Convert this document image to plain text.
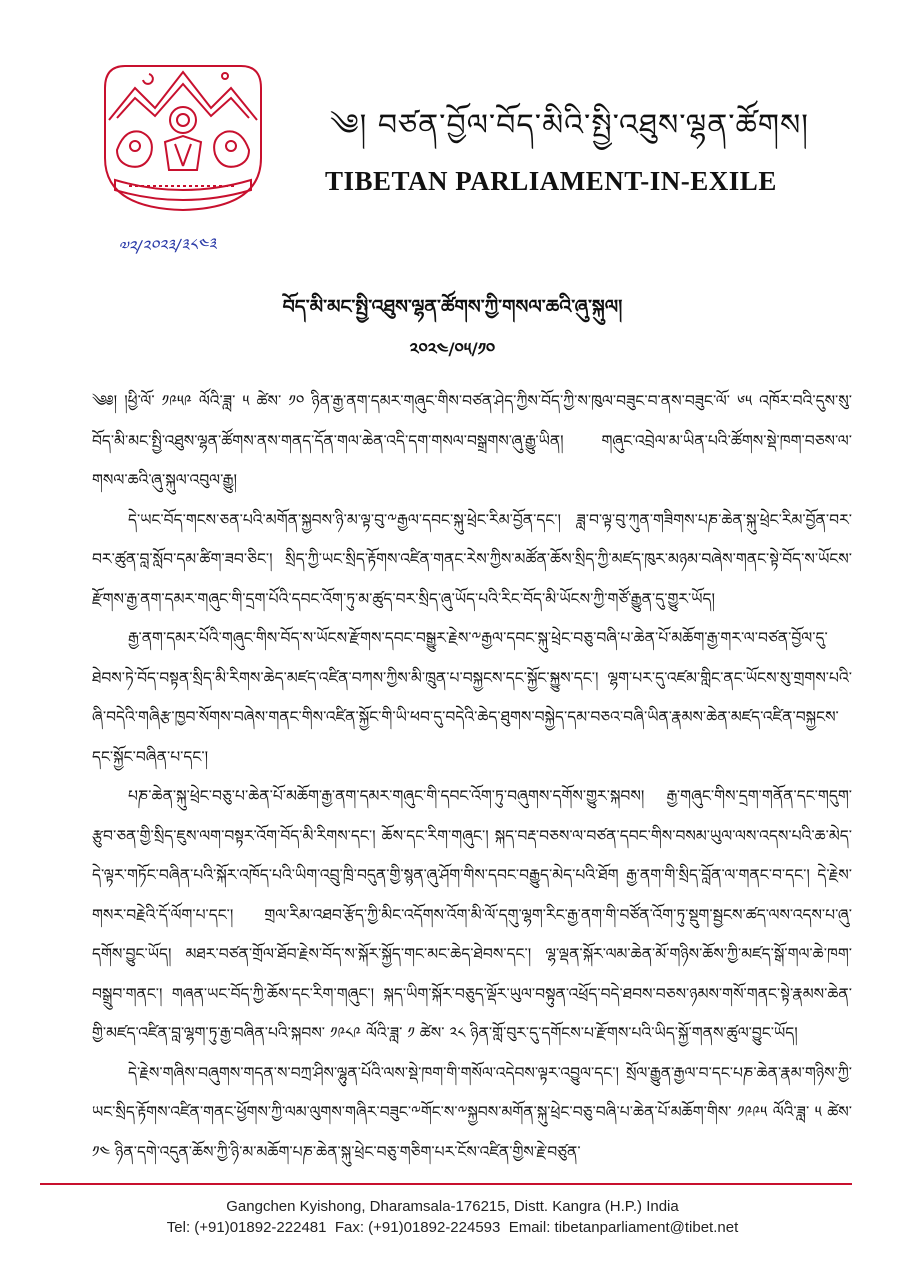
༄། བཙན་བྱོལ་བོད་མིའི་སྤྱི་འཐུས་ལྷན་ཚོགས།
TIBETAN PARLIAMENT-IN-EXILE
༧༢/༢༠༢༣/༣༨༤༣
བོད་མི་མང་སྤྱི་འཐུས་ལྷན་ཚོགས་ཀྱི་གསལ་ཆའི་ཞུ་སྐུལ།
༢༠༢༤/༠༥/༡༠

༄༅། །ཕྱི་ལོ་ ༡༩༥༩ ལོའི་ཟླ་ ༥ ཚེས་ ༡༠ ཉིན་རྒྱ་ནག་དམར་གཞུང་གིས་བཙན་ཤེད་ཀྱིས་བོད་ཀྱི་ས་ཁུལ་བཟུང་བ་ནས་བཟུང་ལོ་ ༦༥ འཁོར་བའི་དུས་སུ་ བོད་མི་མང་སྤྱི་འཐུས་ལྷན་ཚོགས་ནས་གནད་དོན་གལ་ཆེན་འདི་དག་གསལ་བསྒྲགས་ཞུ་རྒྱུ་ཡིན། གཞུང་འབྲེལ་མ་ཡིན་པའི་ཚོགས་སྡེ་ཁག་བཅས་ལ་གསལ་ཆའི་ཞུ་སྐུལ་འབུལ་རྒྱུ།

དེ་ཡང་བོད་གངས་ཅན་པའི་མགོན་སྐྱབས་ཉི་མ་ལྟ་བུ་༸རྒྱལ་དབང་སྐུ་ཕྲེང་རིམ་བྱོན་དང་། ཟླ་བ་ལྟ་བུ་ཀུན་གཟིགས་པཎ་ཆེན་སྐུ་ཕྲེང་རིམ་བྱོན་བར་བར་ཚུན་བླ་སློབ་དམ་ཚིག་ཟབ་ཅིང་། སྲིད་ཀྱི་ཡང་སྲིད་རྟོགས་འཛིན་གནང་རེས་ཀྱིས་མཚོན་ཆོས་སྲིད་ཀྱི་མཛད་ཁུར་མཉམ་བཞེས་གནང་སྟེ་བོད་ས་ཡོངས་རྫོགས་རྒྱ་ནག་དམར་གཞུང་གི་དྲག་པོའི་དབང་འོག་ཏུ་མ་ཚུད་བར་སྲིད་ཞུ་ཡོད་པའི་རིང་བོད་མི་ཡོངས་ཀྱི་གཙོ་རྒྱུན་དུ་གྱུར་ཡོད།

རྒྱ་ནག་དམར་པོའི་གཞུང་གིས་བོད་ས་ཡོངས་རྫོགས་དབང་བསྒྱུར་རྗེས་༸རྒྱལ་དབང་སྐུ་ཕྲེང་བཅུ་བཞི་པ་ཆེན་པོ་མཆོག་རྒྱ་གར་ལ་བཙན་བྱོལ་དུ་ཐེབས་ཏེ་བོད་བསྟན་སྲིད་མི་རིགས་ཆེད་མཛད་འཛིན་བཀས་ཀྱིས་མི་ཁྲུན་པ་བསྐྱངས་དང་སྐྱོང་སྐྱུས་དང་། ལྷག་པར་དུ་འཛམ་གླིང་ནང་ཡོངས་སུ་གྲགས་པའི་ཞི་བདེའི་གཞིརྩ་ཁྱབ་སོགས་བཞེས་གནང་གིས་འཛིན་སྐྱོང་གི་ཡི་ཕབ་དུ་བདེའི་ཆེད་ཐུགས་བསྐྱེད་དམ་བཅའ་བཞི་ཡིན་རྣམས་ཆེན་མཛད་འཛིན་བསྐྱངས་དང་སྐྱོང་བཞིན་པ་དང་།

པཎ་ཆེན་སྐུ་ཕྲེང་བཅུ་པ་ཆེན་པོ་མཆོག་རྒྱ་ནག་དམར་གཞུང་གི་དབང་འོག་ཏུ་བཞུགས་དགོས་གྱུར་སྐབས། རྒྱ་གཞུང་གིས་དྲག་གནོན་དང་གདུག་རྩུབ་ཅན་གྱི་སྲིད་ཇུས་ལག་བསྟར་འོག་བོད་མི་རིགས་དང་། ཆོས་དང་རིག་གཞུང་། སྐད་བརྡ་བཅས་ལ་བཙན་དབང་གིས་བསམ་ཡུལ་ལས་འདས་པའི་ཆ་མེད་དེ་ལྟར་གཏོང་བཞིན་པའི་སྐོར་འཁོད་པའི་ཡིག་འབྲུ་ཁྲི་བདུན་གྱི་སྙན་ཞུ་ཤོག་གིས་དབང་བརྒྱུད་མེད་པའི་ཐོག རྒྱ་ནག་གི་སྲིད་བློན་ལ་གནང་བ་དང་། དེ་རྗེས་གསར་བརྗེའི་དོ་ལོག་པ་དང་། གྲལ་རིམ་འཐབ་རྩོད་ཀྱི་མིང་འདོགས་འོག་མི་ལོ་དགུ་ལྷག་རིང་རྒྱ་ནག་གི་བཙོན་འོག་ཏུ་སྡུག་སྦྱངས་ཚད་ལས་འདས་པ་ཞུ་དགོས་བྱུང་ཡོད། མཐར་བཙན་གྲོལ་ཐོབ་རྗེས་བོད་ས་སྐོར་སྐྱོད་གང་མང་ཆེད་ཐེབས་དང་། ལྷ་ལྡན་སྐོར་ལམ་ཆེན་མོ་གཉིས་ཆོས་ཀྱི་མཛད་སྒོ་གལ་ཆེ་ཁག་བསྒྲུབ་གནང་། གཞན་ཡང་བོད་ཀྱི་ཆོས་དང་རིག་གཞུང་། སྐད་ཡིག་སྐོར་བཅུད་ལྡོར་ཡུལ་བསྟུན་འཕྲོད་བདེ་ཐབས་བཅས་ཉམས་གསོ་གནང་སྟེ་རྣམས་ཆེན་གྱི་མཛད་འཛིན་བླ་ལྷག་ཏུ་རྒྱ་བཞིན་པའི་སྐབས་ ༡༩༨༩ ལོའི་ཟླ་ ༡ ཚེས་ ༢༨ ཉིན་གློ་བུར་དུ་དགོངས་པ་རྫོགས་པའི་ཡིད་སྐྱོ་གནས་ཚུལ་བྱུང་ཡོད།

དེ་རྗེས་གཞིས་བཞུགས་གདན་ས་བཀྲ་ཤིས་ལྷུན་པོའི་ལས་སྡེ་ཁག་གི་གསོལ་འདེབས་ལྟར་འབྱུལ་དང་། སྲོལ་རྒྱུན་རྒྱལ་བ་དང་པཎ་ཆེན་རྣམ་གཉིས་ཀྱི་ཡང་སྲིད་རྟོགས་འཛིན་གནང་ཕྱོགས་ཀྱི་ལམ་ལུགས་གཞིར་བཟུང་༸གོང་ས་༸སྐྱབས་མགོན་སྐུ་ཕྲེང་བཅུ་བཞི་པ་ཆེན་པོ་མཆོག་གིས་ ༡༩༩༥ ལོའི་ཟླ་ ༥ ཚེས་ ༡༤ ཉིན་དགེ་འདུན་ཆོས་ཀྱི་ཉི་མ་མཆོག་པཎ་ཆེན་སྐུ་ཕྲེང་བཅུ་གཅིག་པར་ངོས་འཛིན་གྱིས་རྗེ་བཙུན་

Gangchen Kyishong, Dharamsala-176215, Distt. Kangra (H.P.) India
Tel: (+91)01892-222481 Fax: (+91)01892-224593 Email: tibetanparliament@tibet.net
